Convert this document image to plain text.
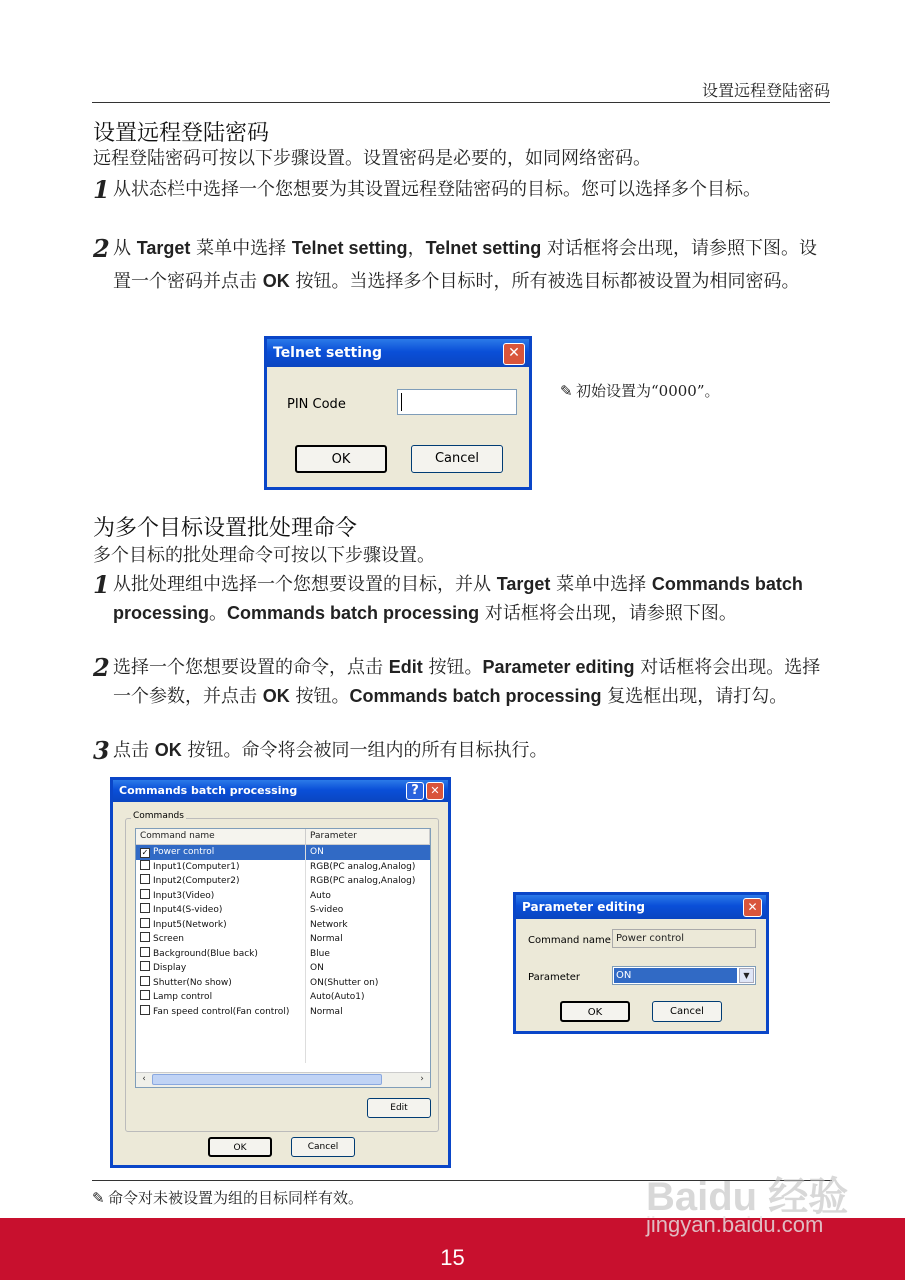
设置远程登陆密码
设置远程登陆密码
远程登陆密码可按以下步骤设置。设置密码是必要的，如同网络密码。
1 从状态栏中选择一个您想要为其设置远程登陆密码的目标。您可以选择多个目标。
2 从 Target 菜单中选择 Telnet setting，Telnet setting 对话框将会出现，请参照下图。设置一个密码并点击 OK 按钮。当选择多个目标时，所有被选目标都被设置为相同密码。
Telnet setting	✕
PIN Code
OK	Cancel
✎ 初始设置为“0000”。
为多个目标设置批处理命令
多个目标的批处理命令可按以下步骤设置。
1 从批处理组中选择一个您想要设置的目标，并从 Target 菜单中选择 Commands batch processing。Commands batch processing 对话框将会出现，请参照下图。
2 选择一个您想要设置的命令，点击 Edit 按钮。Parameter editing 对话框将会出现。选择一个参数，并点击 OK 按钮。Commands batch processing 复选框出现，请打勾。
3 点击 OK 按钮。命令将会被同一组内的所有目标执行。
Commands batch processing	?	✕
Commands
Command name	Parameter
✓ Power control	ON
Input1(Computer1)	RGB(PC analog,Analog)
Input2(Computer2)	RGB(PC analog,Analog)
Input3(Video)	Auto
Input4(S-video)	S-video
Input5(Network)	Network
Screen	Normal
Background(Blue back)	Blue
Display	ON
Shutter(No show)	ON(Shutter on)
Lamp control	Auto(Auto1)
Fan speed control(Fan control)	Normal
‹	›
Edit
OK	Cancel
Parameter editing	✕
Command name Power control
Parameter	ON	▼
OK	Cancel
✎ 命令对未被设置为组的目标同样有效。
15
Baidu 经验
jingyan.baidu.com
